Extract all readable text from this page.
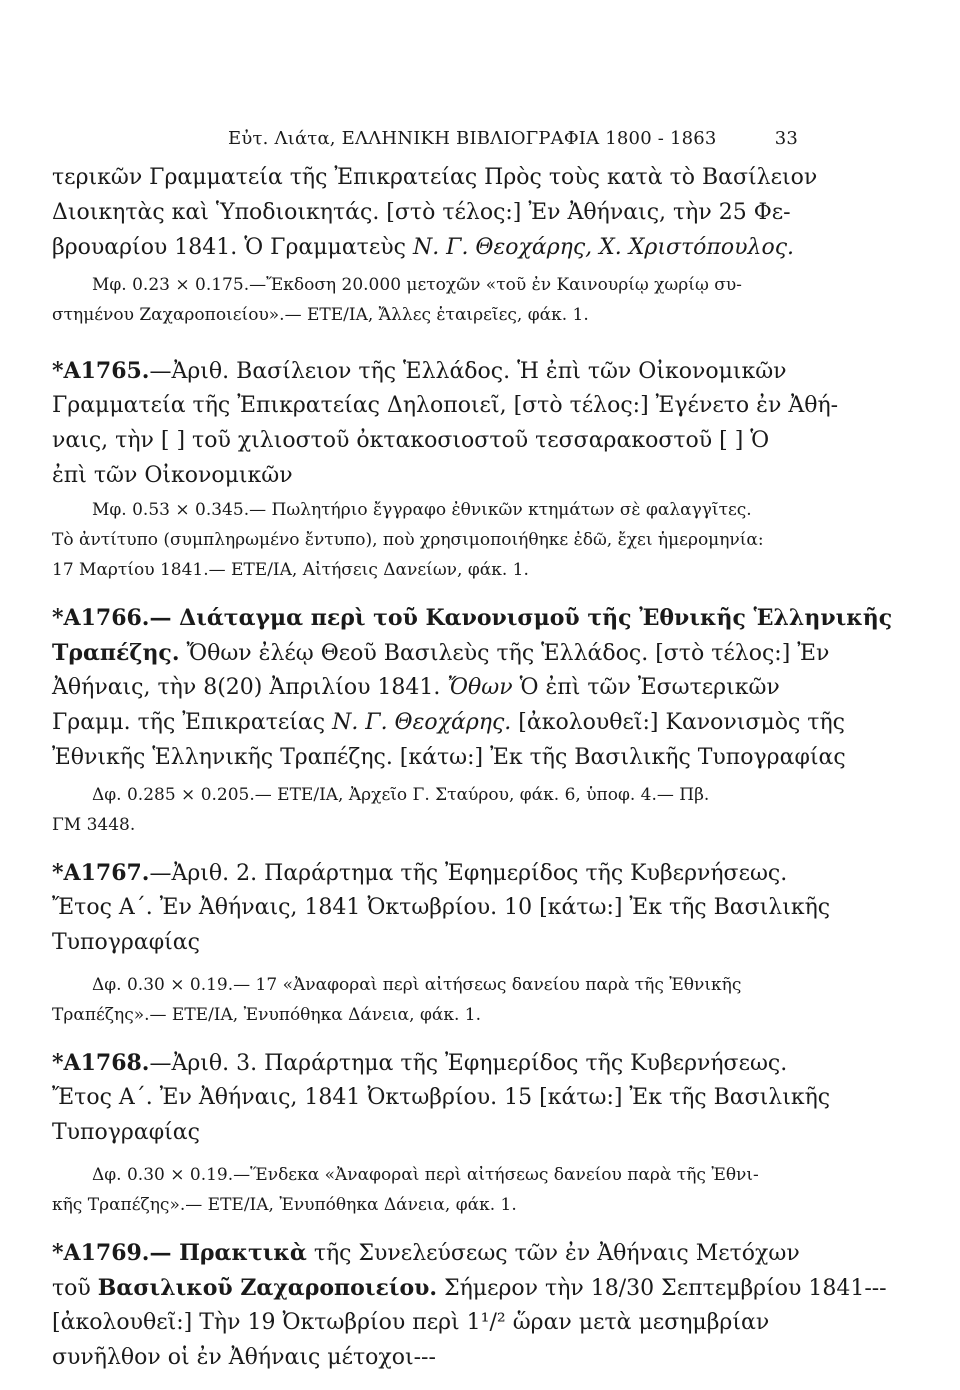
Εὐτ. Λιάτα, ΕΛΛΗΝΙΚΗ ΒΙΒΛΙΟΓΡΑΦΙΑ 1800 - 1863	33
τερικῶν Γραμματεία τῆς Ἐπικρατείας Πρὸς τοὺς κατὰ τὸ Βασίλειον
Διοικητὰς καὶ Ὑποδιοικητάς. [στὸ τέλος:] Ἐν Ἀθήναις, τὴν 25 Φε-
βρουαρίου 1841. Ὁ Γραμματεὺς Ν. Γ. Θεοχάρης, Χ. Χριστόπουλος.
Μφ. 0.23 × 0.175.—Ἔκδοση 20.000 μετοχῶν «τοῦ ἐν Καινουρίῳ χωρίῳ συ-
στημένου Ζαχαροποιείου».— ΕΤΕ/ΙΑ, Ἄλλες ἑταιρεῖες, φάκ. 1.
*Α1765.—Ἀριθ. Βασίλειον τῆς Ἑλλάδος. Ἡ ἐπὶ τῶν Οἰκονομικῶν
Γραμματεία τῆς Ἐπικρατείας Δηλοποιεῖ, [στὸ τέλος:] Ἐγένετο ἐν Ἀθή-
ναις, τὴν [ ] τοῦ χιλιοστοῦ ὀκτακοσιοστοῦ τεσσαρακοστοῦ [ ] Ὁ
ἐπὶ τῶν Οἰκονομικῶν
Μφ. 0.53 × 0.345.— Πωλητήριο ἔγγραφο ἐθνικῶν κτημάτων σὲ φαλαγγῖτες.
Τὸ ἀντίτυπο (συμπληρωμένο ἔντυπο), ποὺ χρησιμοποιήθηκε ἐδῶ, ἔχει ἡμερομηνία:
17 Μαρτίου 1841.— ΕΤΕ/ΙΑ, Αἰτήσεις Δανείων, φάκ. 1.
*Α1766.— Διάταγμα περὶ τοῦ Κανονισμοῦ τῆς Ἐθνικῆς Ἑλληνικῆς
Τραπέζης. Ὄθων ἐλέῳ Θεοῦ Βασιλεὺς τῆς Ἑλλάδος. [στὸ τέλος:] Ἐν
Ἀθήναις, τὴν 8(20) Ἀπριλίου 1841. Ὄθων Ὁ ἐπὶ τῶν Ἐσωτερικῶν
Γραμμ. τῆς Ἐπικρατείας Ν. Γ. Θεοχάρης. [ἀκολουθεῖ:] Κανονισμὸς τῆς
Ἐθνικῆς Ἑλληνικῆς Τραπέζης. [κάτω:] Ἐκ τῆς Βασιλικῆς Τυπογραφίας
Δφ. 0.285 × 0.205.— ΕΤΕ/ΙΑ, Ἀρχεῖο Γ. Σταύρου, φάκ. 6, ὑποφ. 4.— Πβ.
ΓΜ 3448.
*Α1767.—Ἀριθ. 2. Παράρτημα τῆς Ἐφημερίδος τῆς Κυβερνήσεως.
Ἔτος Α΄. Ἐν Ἀθήναις, 1841 Ὀκτωβρίου. 10 [κάτω:] Ἐκ τῆς Βασιλικῆς
Τυπογραφίας
Δφ. 0.30 × 0.19.— 17 «Ἀναφοραὶ περὶ αἰτήσεως δανείου παρὰ τῆς Ἐθνικῆς
Τραπέζης».— ΕΤΕ/ΙΑ, Ἐνυπόθηκα Δάνεια, φάκ. 1.
*Α1768.—Ἀριθ. 3. Παράρτημα τῆς Ἐφημερίδος τῆς Κυβερνήσεως.
Ἔτος Α΄. Ἐν Ἀθήναις, 1841 Ὀκτωβρίου. 15 [κάτω:] Ἐκ τῆς Βασιλικῆς
Τυπογραφίας
Δφ. 0.30 × 0.19.—Ἕνδεκα «Ἀναφοραὶ περὶ αἰτήσεως δανείου παρὰ τῆς Ἐθνι-
κῆς Τραπέζης».— ΕΤΕ/ΙΑ, Ἐνυπόθηκα Δάνεια, φάκ. 1.
*Α1769.— Πρακτικὰ τῆς Συνελεύσεως τῶν ἐν Ἀθήναις Μετόχων
τοῦ Βασιλικοῦ Ζαχαροποιείου. Σήμερον τὴν 18/30 Σεπτεμβρίου 1841---
[ἀκολουθεῖ:] Τὴν 19 Ὀκτωβρίου περὶ 1¹/² ὥραν μετὰ μεσημβρίαν
συνῆλθον οἱ ἐν Ἀθήναις μέτοχοι---
